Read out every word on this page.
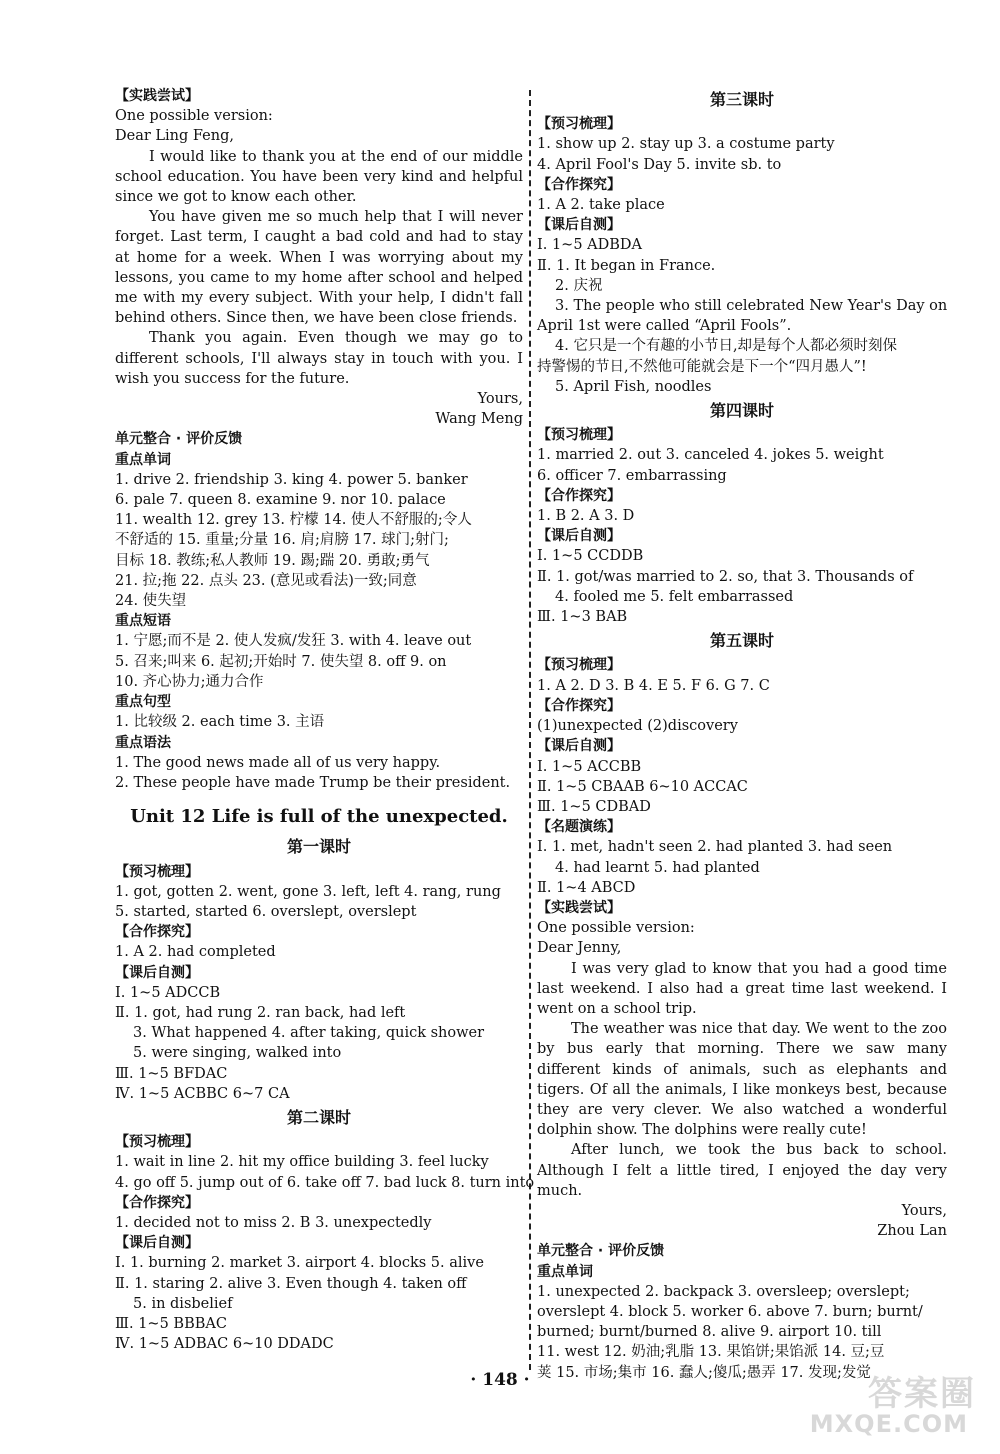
【实践尝试】

One possible version:

Dear Ling Feng,

I would like to thank you at the end of our middle school education. You have been very kind and helpful since we got to know each other.

You have given me so much help that I will never forget. Last term, I caught a bad cold and had to stay at home for a week. When I was worrying about my lessons, you came to my home after school and helped me with my every subject. With your help, I didn't fall behind others. Since then, we have been close friends.

Thank you again. Even though we may go to different schools, I'll always stay in touch with you. I wish you success for the future.

Yours,

Wang Meng

单元整合 · 评价反馈

重点单词

1. drive 2. friendship 3. king 4. power 5. banker

6. pale 7. queen 8. examine 9. nor 10. palace

11. wealth 12. grey 13. 柠檬 14. 使人不舒服的;令人

不舒适的 15. 重量;分量 16. 肩;肩膀 17. 球门;射门;

目标 18. 教练;私人教师 19. 踢;踹 20. 勇敢;勇气

21. 拉;拖 22. 点头 23. (意见或看法)一致;同意

24. 使失望

重点短语

1. 宁愿;而不是 2. 使人发疯/发狂 3. with 4. leave out

5. 召来;叫来 6. 起初;开始时 7. 使失望 8. off 9. on

10. 齐心协力;通力合作

重点句型

1. 比较级 2. each time 3. 主语

重点语法

1. The good news made all of us very happy.

2. These people have made Trump be their president.

Unit 12 Life is full of the unexpected.

第一课时

【预习梳理】

1. got, gotten 2. went, gone 3. left, left 4. rang, rung

5. started, started 6. overslept, overslept

【合作探究】

1. A 2. had completed

【课后自测】

Ⅰ. 1~5 ADCCB

Ⅱ. 1. got, had rung 2. ran back, had left

3. What happened 4. after taking, quick shower

5. were singing, walked into

Ⅲ. 1~5 BFDAC

Ⅳ. 1~5 ACBBC 6~7 CA

第二课时

【预习梳理】

1. wait in line 2. hit my office building 3. feel lucky

4. go off 5. jump out of 6. take off 7. bad luck 8. turn into

【合作探究】

1. decided not to miss 2. B 3. unexpectedly

【课后自测】

Ⅰ. 1. burning 2. market 3. airport 4. blocks 5. alive

Ⅱ. 1. staring 2. alive 3. Even though 4. taken off

5. in disbelief

Ⅲ. 1~5 BBBAC

Ⅳ. 1~5 ADBAC 6~10 DDADC

第三课时

【预习梳理】

1. show up 2. stay up 3. a costume party

4. April Fool's Day 5. invite sb. to

【合作探究】

1. A 2. take place

【课后自测】

Ⅰ. 1~5 ADBDA

Ⅱ. 1. It began in France.

2. 庆祝

3. The people who still celebrated New Year's Day on

April 1st were called “April Fools”.

4. 它只是一个有趣的小节日,却是每个人都必须时刻保

持警惕的节日,不然他可能就会是下一个“四月愚人”!

5. April Fish, noodles

第四课时

【预习梳理】

1. married 2. out 3. canceled 4. jokes 5. weight

6. officer 7. embarrassing

【合作探究】

1. B 2. A 3. D

【课后自测】

Ⅰ. 1~5 CCDDB

Ⅱ. 1. got/was married to 2. so, that 3. Thousands of

4. fooled me 5. felt embarrassed

Ⅲ. 1~3 BAB

第五课时

【预习梳理】

1. A 2. D 3. B 4. E 5. F 6. G 7. C

【合作探究】

(1)unexpected (2)discovery

【课后自测】

Ⅰ. 1~5 ACCBB

Ⅱ. 1~5 CBAAB 6~10 ACCAC

Ⅲ. 1~5 CDBAD

【名题演练】

Ⅰ. 1. met, hadn't seen 2. had planted 3. had seen

4. had learnt 5. had planted

Ⅱ. 1~4 ABCD

【实践尝试】

One possible version:

Dear Jenny,

I was very glad to know that you had a good time last weekend. I also had a great time last weekend. I went on a school trip.

The weather was nice that day. We went to the zoo by bus early that morning. There we saw many different kinds of animals, such as elephants and tigers. Of all the animals, I like monkeys best, because they are very clever. We also watched a wonderful dolphin show. The dolphins were really cute!

After lunch, we took the bus back to school. Although I felt a little tired, I enjoyed the day very much.

Yours,

Zhou Lan

单元整合 · 评价反馈

重点单词

1. unexpected 2. backpack 3. oversleep; overslept;

overslept 4. block 5. worker 6. above 7. burn; burnt/

burned; burnt/burned 8. alive 9. airport 10. till

11. west 12. 奶油;乳脂 13. 果馅饼;果馅派 14. 豆;豆

荚 15. 市场;集市 16. 蠢人;傻瓜;愚弄 17. 发现;发觉

· 148 ·	答案圈
MXQE.COM
